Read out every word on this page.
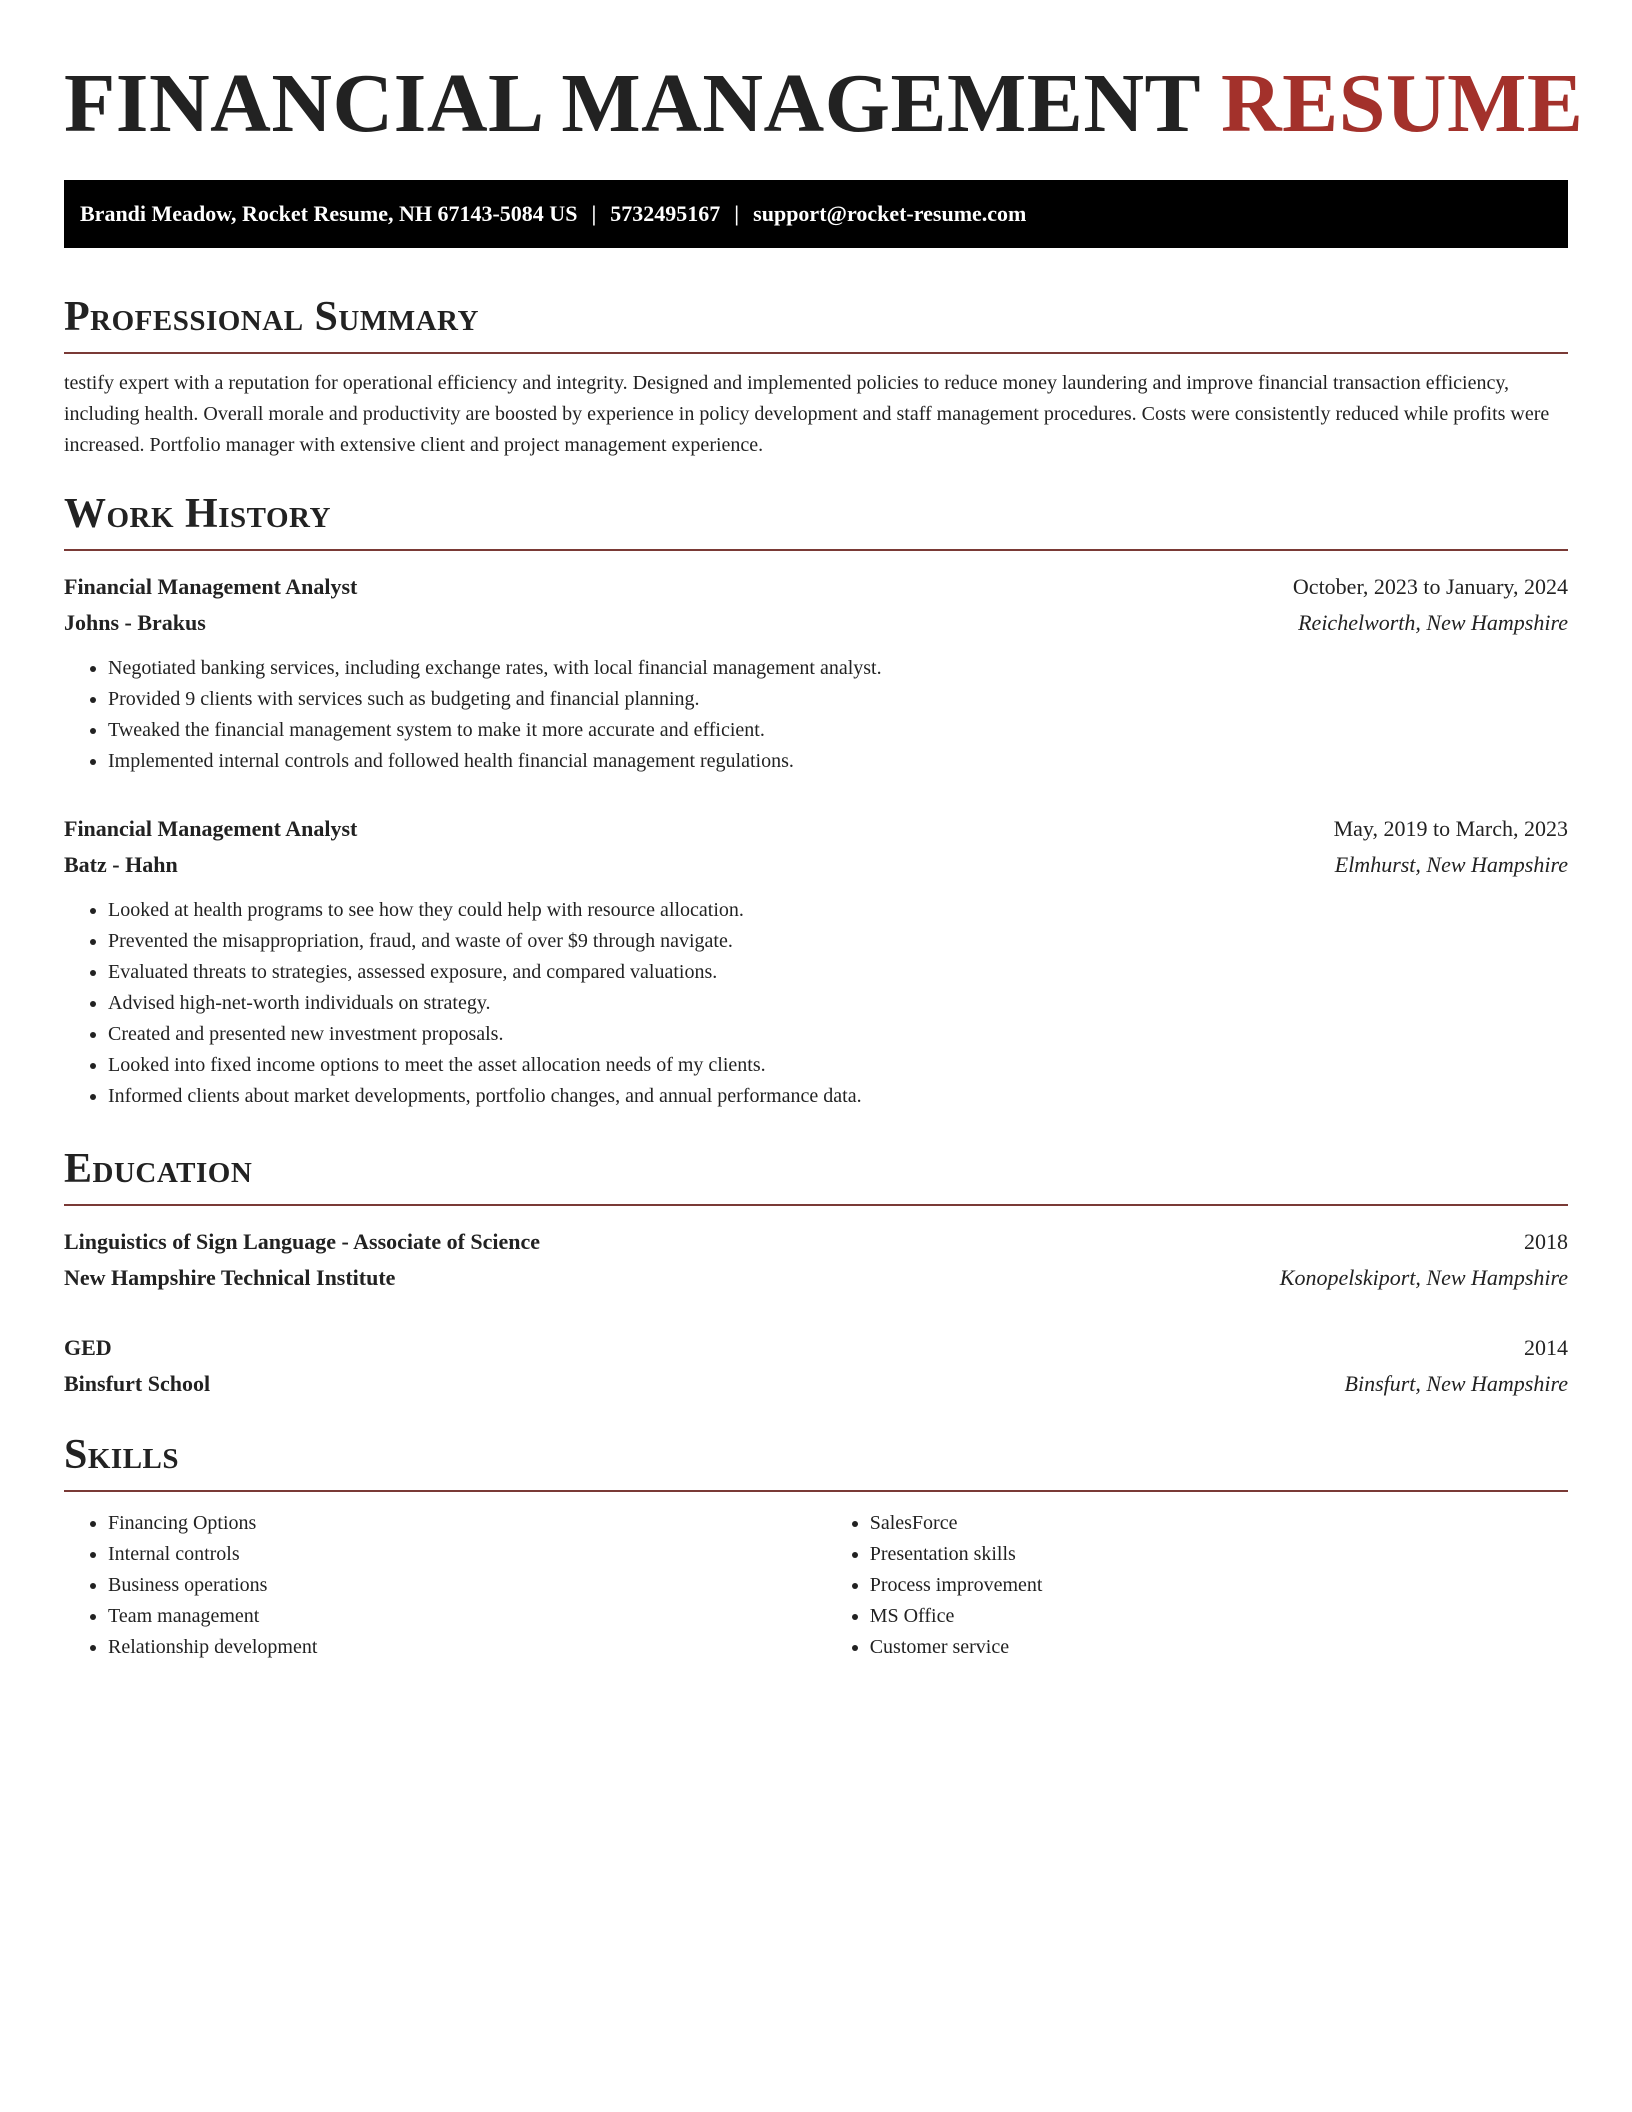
FINANCIAL MANAGEMENT RESUME
Brandi Meadow, Rocket Resume, NH 67143-5084 US | 5732495167 | support@rocket-resume.com
Professional Summary

testify expert with a reputation for operational efficiency and integrity. Designed and implemented policies to reduce money laundering and improve financial transaction efficiency, including health. Overall morale and productivity are boosted by experience in policy development and staff management procedures. Costs were consistently reduced while profits were increased. Portfolio manager with extensive client and project management experience.

Work History
Financial Management Analyst	October, 2023 to January, 2024
Johns - Brakus	Reichelworth, New Hampshire
• Negotiated banking services, including exchange rates, with local financial management analyst.
• Provided 9 clients with services such as budgeting and financial planning.
• Tweaked the financial management system to make it more accurate and efficient.
• Implemented internal controls and followed health financial management regulations.
Financial Management Analyst	May, 2019 to March, 2023
Batz - Hahn	Elmhurst, New Hampshire
• Looked at health programs to see how they could help with resource allocation.
• Prevented the misappropriation, fraud, and waste of over $9 through navigate.
• Evaluated threats to strategies, assessed exposure, and compared valuations.
• Advised high-net-worth individuals on strategy.
• Created and presented new investment proposals.
• Looked into fixed income options to meet the asset allocation needs of my clients.
• Informed clients about market developments, portfolio changes, and annual performance data.
Education
Linguistics of Sign Language - Associate of Science	2018
New Hampshire Technical Institute	Konopelskiport, New Hampshire
GED	2014
Binsfurt School	Binsfurt, New Hampshire
Skills
• Financing Options
• Internal controls
• Business operations
• Team management
• Relationship development
• SalesForce
• Presentation skills
• Process improvement
• MS Office
• Customer service
